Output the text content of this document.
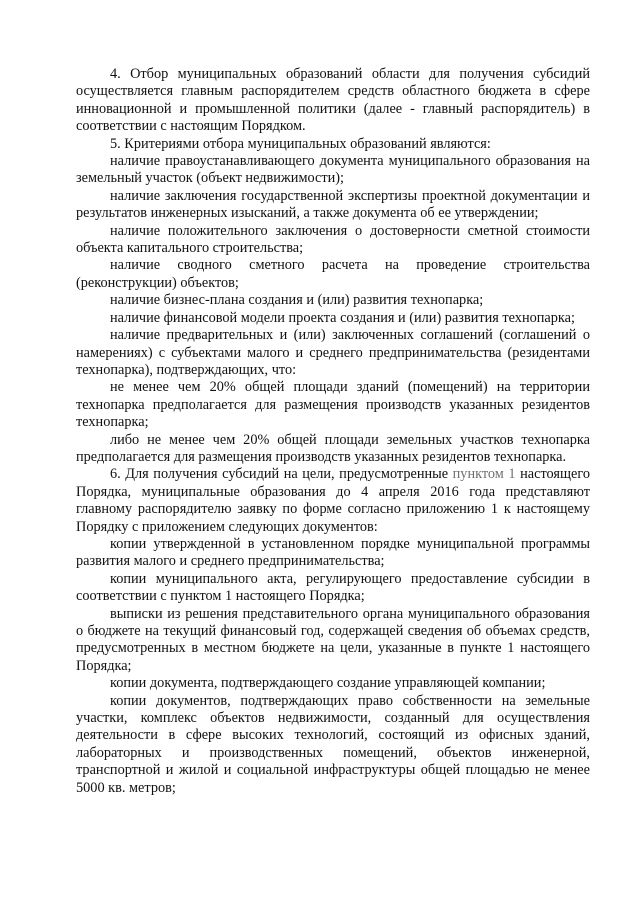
4. Отбор муниципальных образований области для получения субсидий осуществляется главным распорядителем средств областного бюджета в сфере инновационной и промышленной политики (далее - главный распорядитель) в соответствии с настоящим Порядком.

5. Критериями отбора муниципальных образований являются:

наличие правоустанавливающего документа муниципального образования на земельный участок (объект недвижимости);

наличие заключения государственной экспертизы проектной документации и результатов инженерных изысканий, а также документа об ее утверждении;

наличие положительного заключения о достоверности сметной стоимости объекта капитального строительства;

наличие сводного сметного расчета на проведение строительства (реконструкции) объектов;

наличие бизнес-плана создания и (или) развития технопарка;

наличие финансовой модели проекта создания и (или) развития технопарка;

наличие предварительных и (или) заключенных соглашений (соглашений о намерениях) с субъектами малого и среднего предпринимательства (резидентами технопарка), подтверждающих, что:

не менее чем 20% общей площади зданий (помещений) на территории технопарка предполагается для размещения производств указанных резидентов технопарка;

либо не менее чем 20% общей площади земельных участков технопарка предполагается для размещения производств указанных резидентов технопарка.

6. Для получения субсидий на цели, предусмотренные пунктом 1 настоящего Порядка, муниципальные образования до 4 апреля 2016 года представляют главному распорядителю заявку по форме согласно приложению 1 к настоящему Порядку с приложением следующих документов:

копии утвержденной в установленном порядке муниципальной программы развития малого и среднего предпринимательства;

копии муниципального акта, регулирующего предоставление субсидии в соответствии с пунктом 1 настоящего Порядка;

выписки из решения представительного органа муниципального образования о бюджете на текущий финансовый год, содержащей сведения об объемах средств, предусмотренных в местном бюджете на цели, указанные в пункте 1 настоящего Порядка;

копии документа, подтверждающего создание управляющей компании;

копии документов, подтверждающих право собственности на земельные участки, комплекс объектов недвижимости, созданный для осуществления деятельности в сфере высоких технологий, состоящий из офисных зданий, лабораторных и производственных помещений, объектов инженерной, транспортной и жилой и социальной инфраструктуры общей площадью не менее 5000 кв. метров;
